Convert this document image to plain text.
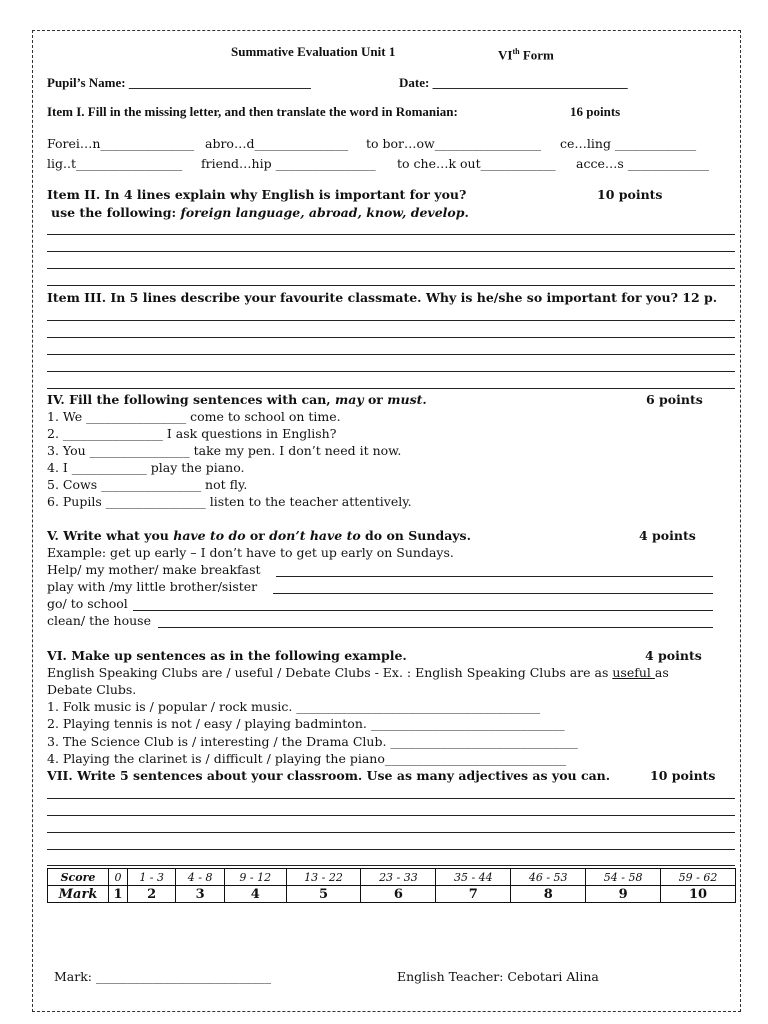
Summative Evaluation Unit 1	VIth Form
Pupil’s Name: ____________________________	Date: ______________________________
Item I. Fill in the missing letter, and then translate the word in Romanian:	16 points
Forei…n_______________ abro…d_______________ to bor…ow_________________ ce…ling _____________
lig..t_________________ friend…hip ________________ to che…k out____________ acce…s _____________
Item II. In 4 lines explain why English is important for you?	10 points
use the following: foreign language, abroad, know, develop.
Item III. In 5 lines describe your favourite classmate. Why is he/she so important for you? 12 p.
IV. Fill the following sentences with can, may or must.	6 points
1. We ________________ come to school on time.
2. ________________ I ask questions in English?
3. You ________________ take my pen. I don’t need it now.
4. I ____________ play the piano.
5. Cows ________________ not fly.
6. Pupils ________________ listen to the teacher attentively.
V. Write what you have to do or don’t have to do on Sundays.	4 points
Example: get up early – I don’t have to get up early on Sundays.
Help/ my mother/ make breakfast
play with /my little brother/sister
go/ to school
clean/ the house
VI. Make up sentences as in the following example.	4 points
English Speaking Clubs are / useful / Debate Clubs - Ex. : English Speaking Clubs are as useful as
Debate Clubs.
1. Folk music is / popular / rock music. _______________________________________
2. Playing tennis is not / easy / playing badminton. _______________________________
3. The Science Club is / interesting / the Drama Club. ______________________________
4. Playing the clarinet is / difficult / playing the piano_____________________________
VII. Write 5 sentences about your classroom. Use as many adjectives as you can.	10 points
Score	0	1 - 3	4 - 8	9 - 12	13 - 22	23 - 33	35 - 44	46 - 53	54 - 58	59 - 62
Mark	1	2	3	4	5	6	7	8	9	10
Mark: ____________________________	English Teacher: Cebotari Alina
